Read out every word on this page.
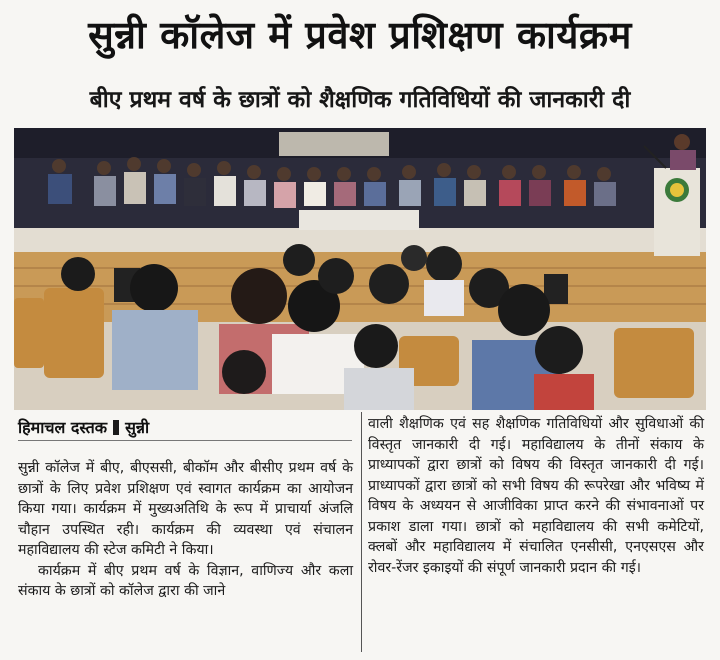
सुन्नी कॉलेज में प्रवेश प्रशिक्षण कार्यक्रम
बीए प्रथम वर्ष के छात्रों को शैक्षणिक गतिविधियों की जानकारी दी
हिमाचल दस्तक सुन्नी

सुन्नी कॉलेज में बीए, बीएससी, बीकॉम और बीसीए प्रथम वर्ष के छात्रों के लिए प्रवेश प्रशिक्षण एवं स्वागत कार्यक्रम का आयोजन किया गया। कार्यक्रम में मुख्यअतिथि के रूप में प्राचार्या अंजलि चौहान उपस्थित रही। कार्यक्रम की व्यवस्था एवं संचालन महाविद्यालय की स्टेज कमिटी ने किया।

कार्यक्रम में बीए प्रथम वर्ष के विज्ञान, वाणिज्य और कला संकाय के छात्रों को कॉलेज द्वारा की जाने

वाली शैक्षणिक एवं सह शैक्षणिक गतिविधियों और सुविधाओं की विस्तृत जानकारी दी गई। महाविद्यालय के तीनों संकाय के प्राध्यापकों द्वारा छात्रों को विषय की विस्तृत जानकारी दी गई। प्राध्यापकों द्वारा छात्रों को सभी विषय की रूपरेखा और भविष्य में विषय के अध्ययन से आजीविका प्राप्त करने की संभावनाओं पर प्रकाश डाला गया। छात्रों को महाविद्यालय की सभी कमेटियों, क्लबों और महाविद्यालय में संचालित एनसीसी, एनएसएस और रोवर-रेंजर इकाइयों की संपूर्ण जानकारी प्रदान की गई।
